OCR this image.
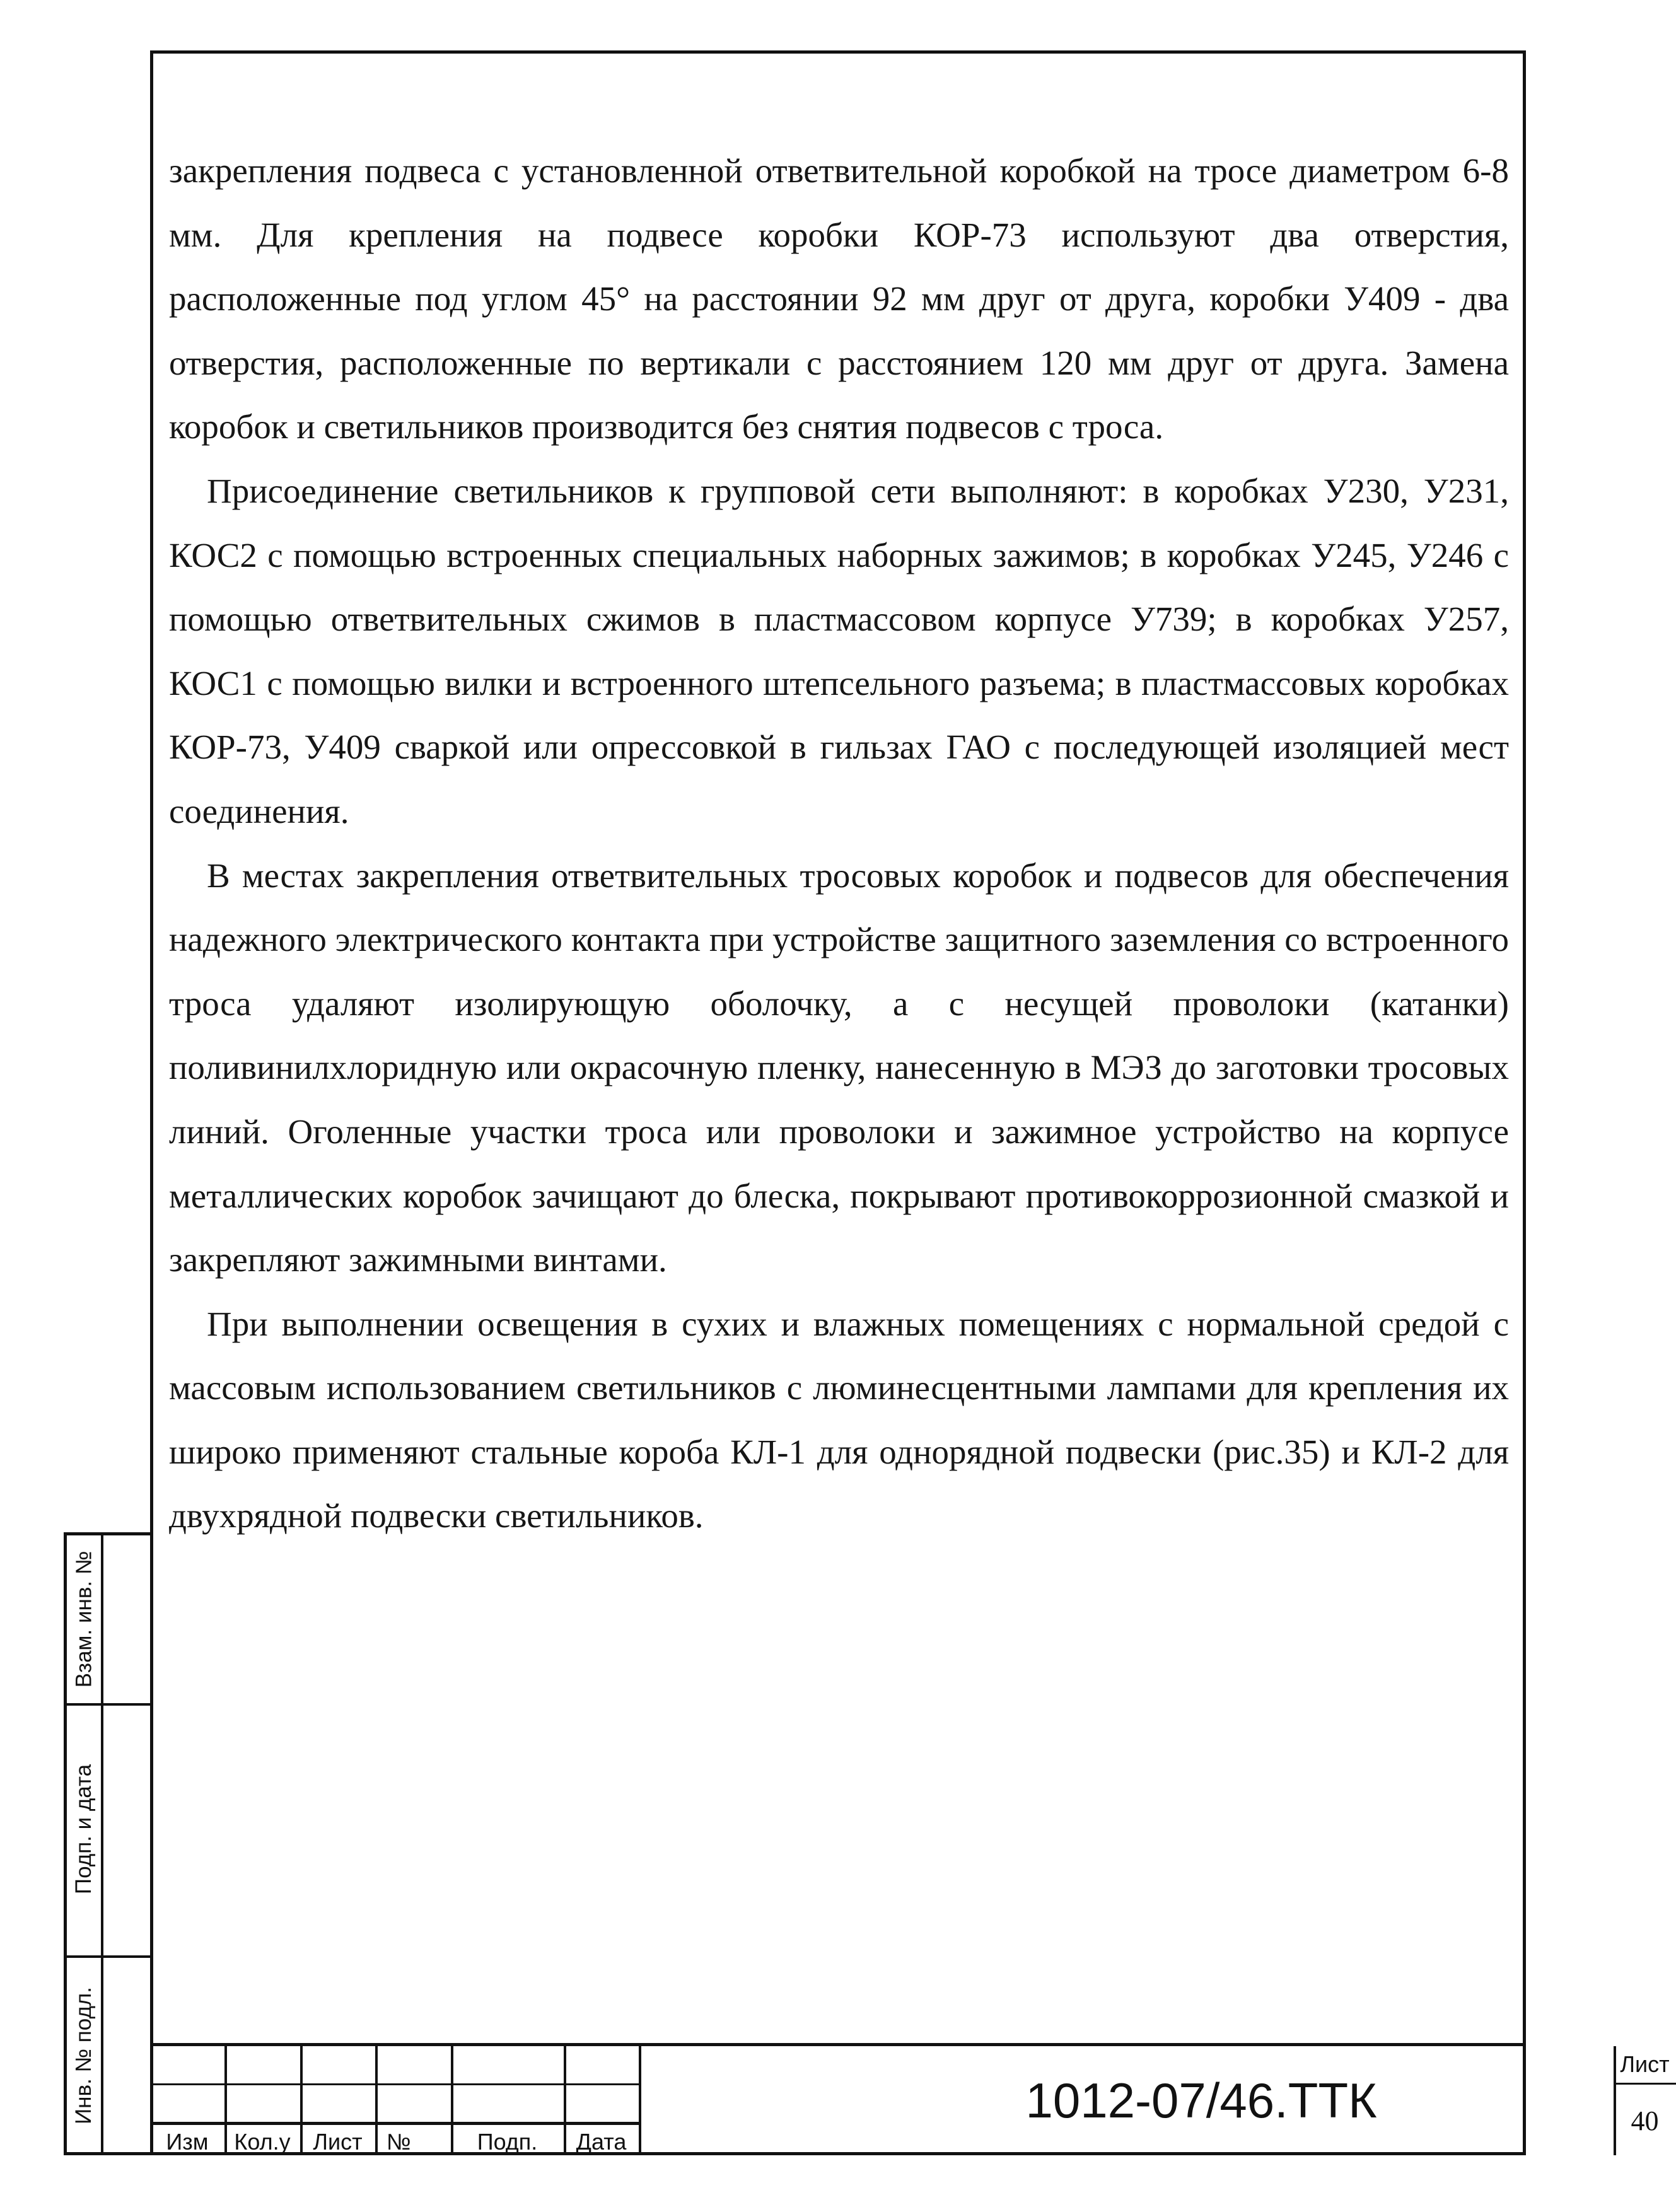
закрепления подвеса с установленной ответвительной коробкой на тросе диаметром 6-8 мм. Для крепления на подвесе коробки КОР-73 используют два отверстия, расположенные под углом 45° на расстоянии 92 мм друг от друга, коробки У409 - два отверстия, расположенные по вертикали с расстоянием 120 мм друг от друга. Замена коробок и светильников производится без снятия подвесов с троса.

Присоединение светильников к групповой сети выполняют: в коробках У230, У231, КОС2 с помощью встроенных специальных наборных зажимов; в коробках У245, У246 с помощью ответвительных сжимов в пластмассовом корпусе У739; в коробках У257, КОС1 с помощью вилки и встроенного штепсельного разъема; в пластмассовых коробках КОР-73, У409 сваркой или опрессовкой в гильзах ГАО с последующей изоляцией мест соединения.

В местах закрепления ответвительных тросовых коробок и подвесов для обеспечения надежного электрического контакта при устройстве защитного заземления со встроенного троса удаляют изолирующую оболочку, а с несущей проволоки (катанки) поливинилхлоридную или окрасочную пленку, нанесенную в МЭЗ до заготовки тросовых линий. Оголенные участки троса или проволоки и зажимное устройство на корпусе металлических коробок зачищают до блеска, покрывают противокоррозионной смазкой и закрепляют зажимными винтами.

При выполнении освещения в сухих и влажных помещениях с нормальной средой с массовым использованием светильников с люминесцентными лампами для крепления их широко применяют стальные короба КЛ-1 для однорядной подвески (рис.35) и КЛ-2 для двухрядной подвески светильников.

Взам. инв. №
Подп. и дата
Инв. № подл.
Изм	Кол.у Лист	№	Подп.	Дата
1012-07/46.ТТК
Лист
40
